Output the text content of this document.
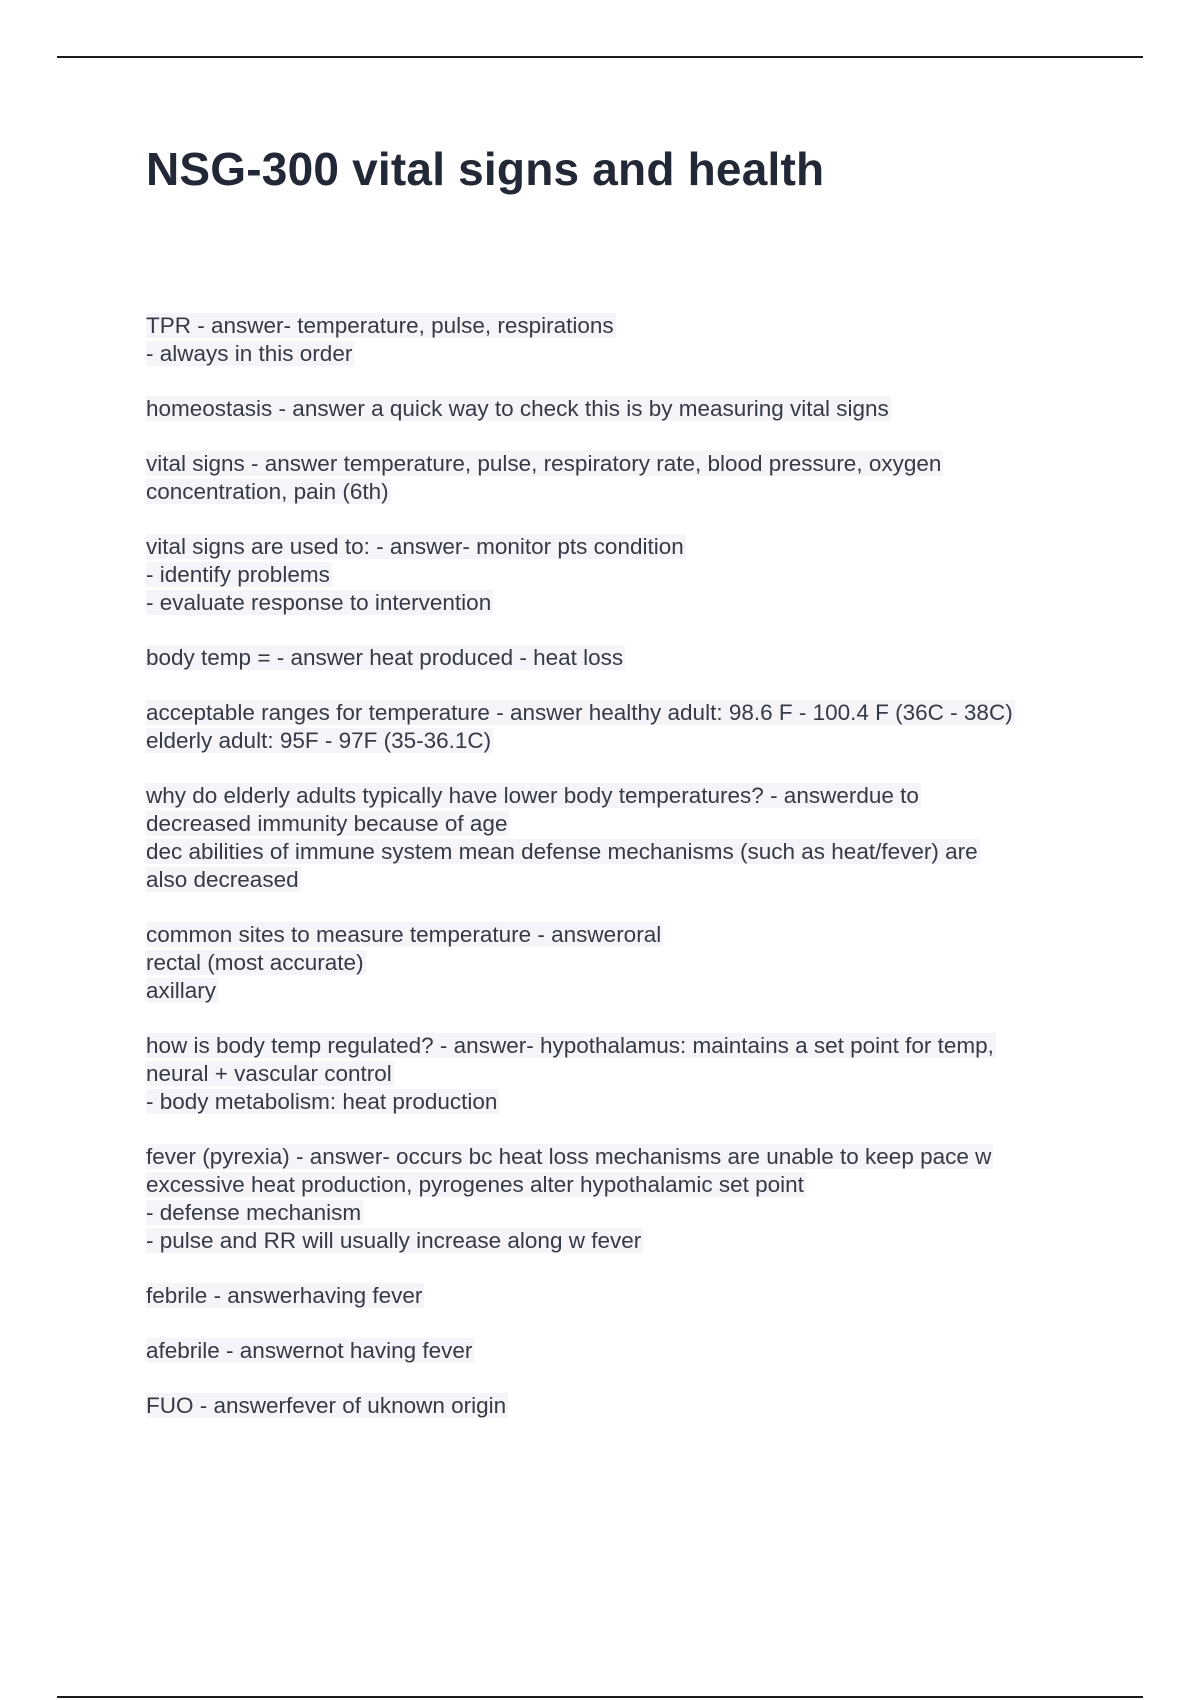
NSG-300 vital signs and health
TPR - answer- temperature, pulse, respirations
- always in this order
homeostasis - answer a quick way to check this is by measuring vital signs
vital signs - answer temperature, pulse, respiratory rate, blood pressure, oxygen
concentration, pain (6th)
vital signs are used to: - answer- monitor pts condition
- identify problems
- evaluate response to intervention
body temp = - answer heat produced - heat loss
acceptable ranges for temperature - answer healthy adult: 98.6 F - 100.4 F (36C - 38C)
elderly adult: 95F - 97F (35-36.1C)
why do elderly adults typically have lower body temperatures? - answerdue to
decreased immunity because of age
dec abilities of immune system mean defense mechanisms (such as heat/fever) are
also decreased
common sites to measure temperature - answeroral
rectal (most accurate)
axillary
how is body temp regulated? - answer- hypothalamus: maintains a set point for temp,
neural + vascular control
- body metabolism: heat production
fever (pyrexia) - answer- occurs bc heat loss mechanisms are unable to keep pace w
excessive heat production, pyrogenes alter hypothalamic set point
- defense mechanism
- pulse and RR will usually increase along w fever
febrile - answerhaving fever
afebrile - answernot having fever
FUO - answerfever of uknown origin
